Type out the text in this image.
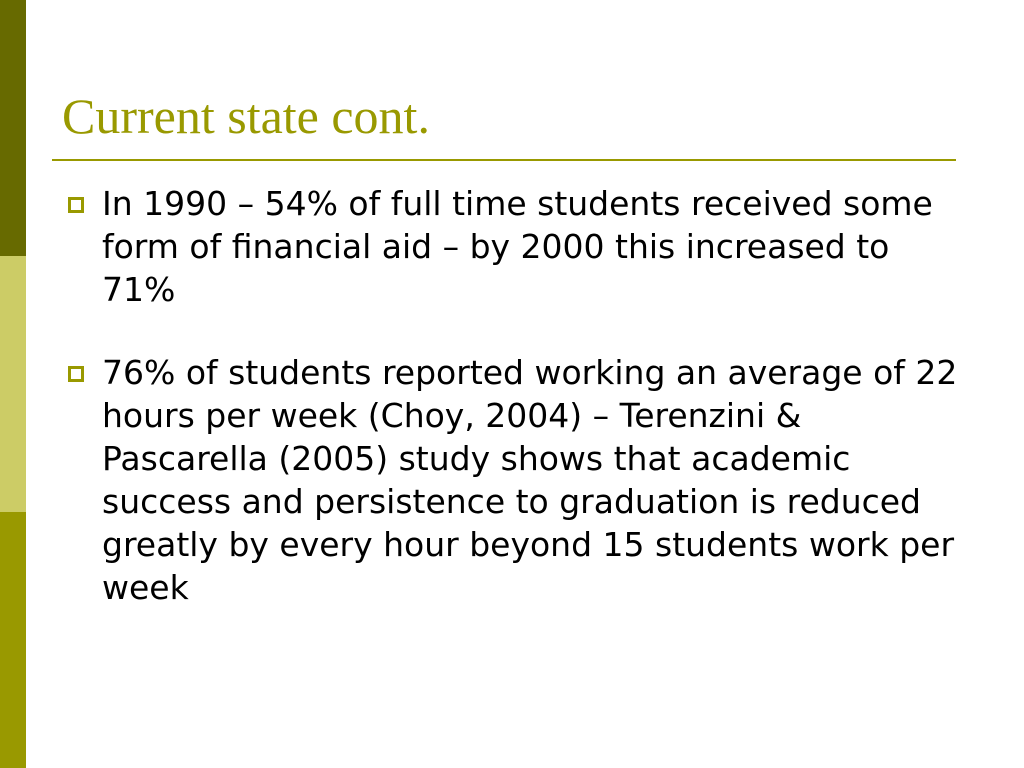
Current state cont.
In 1990 – 54% of full time students received some form of financial aid – by 2000 this increased to 71%
76% of students reported working an average of 22 hours per week (Choy, 2004) – Terenzini & Pascarella (2005) study shows that academic success and persistence to graduation is reduced greatly by every hour beyond 15 students work per week
